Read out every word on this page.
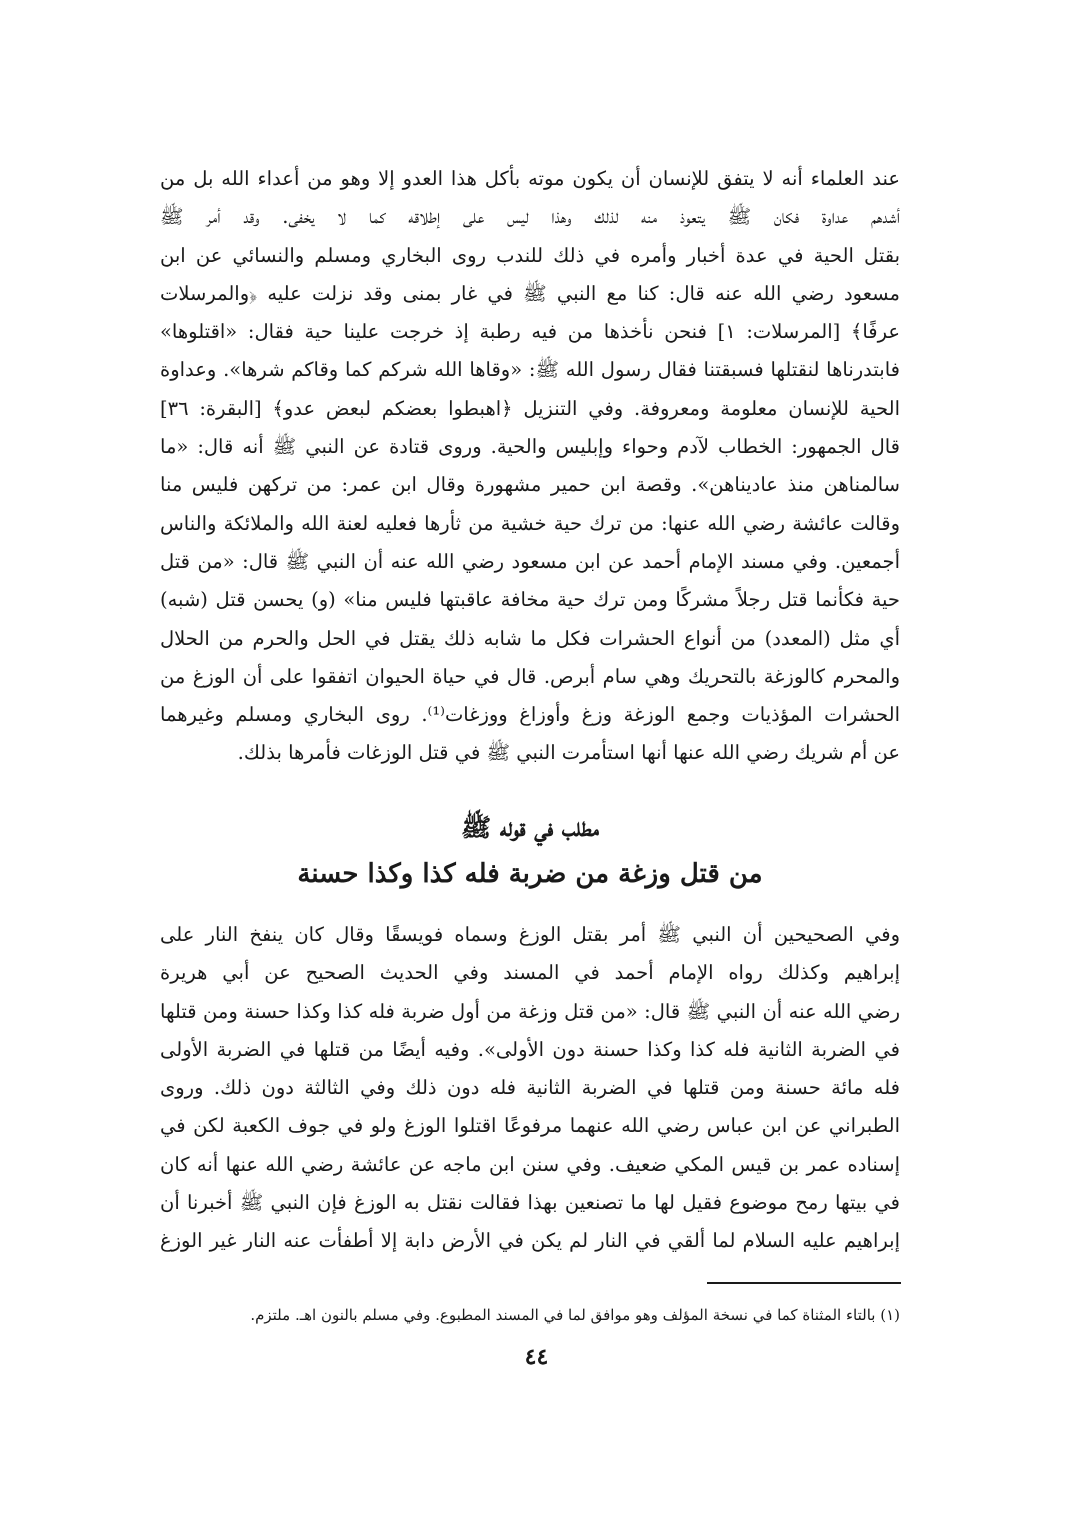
عند العلماء أنه لا يتفق للإنسان أن يكون موته بأكل هذا العدو إلا وهو من أعداء الله بل من
أشدهم عداوة فكان ﷺ يتعوذ منه لذلك وهذا ليس على إطلاقه كما لا يخفى. وقد أمر ﷺ
بقتل الحية في عدة أخبار وأمره في ذلك للندب روى البخاري ومسلم والنسائي عن ابن
مسعود رضي الله عنه قال: كنا مع النبي ﷺ في غار بمنى وقد نزلت عليه ﴿والمرسلات
عرفًا﴾ [المرسلات: ١] فنحن نأخذها من فيه رطبة إذ خرجت علينا حية فقال: «اقتلوها»
فابتدرناها لنقتلها فسبقتنا فقال رسول الله ﷺ: «وقاها الله شركم كما وقاكم شرها». وعداوة
الحية للإنسان معلومة ومعروفة. وفي التنزيل ﴿اهبطوا بعضكم لبعض عدو﴾ [البقرة: ٣٦]
قال الجمهور: الخطاب لآدم وحواء وإبليس والحية. وروى قتادة عن النبي ﷺ أنه قال: «ما
سالمناهن منذ عاديناهن». وقصة ابن حمير مشهورة وقال ابن عمر: من تركهن فليس منا
وقالت عائشة رضي الله عنها: من ترك حية خشية من ثأرها فعليه لعنة الله والملائكة والناس
أجمعين. وفي مسند الإمام أحمد عن ابن مسعود رضي الله عنه أن النبي ﷺ قال: «من قتل
حية فكأنما قتل رجلاً مشركًا ومن ترك حية مخافة عاقبتها فليس منا» (و) يحسن قتل (شبه)
أي مثل (المعدد) من أنواع الحشرات فكل ما شابه ذلك يقتل في الحل والحرم من الحلال
والمحرم كالوزغة بالتحريك وهي سام أبرص. قال في حياة الحيوان اتفقوا على أن الوزغ من
الحشرات المؤذيات وجمع الوزغة وزغ وأوزاغ ووزغات⁽¹⁾. روى البخاري ومسلم وغيرهما
عن أم شريك رضي الله عنها أنها استأمرت النبي ﷺ في قتل الوزغات فأمرها بذلك.
مطلب في قوله ﷺ
من قتل وزغة من ضربة فله كذا وكذا حسنة
وفي الصحيحين أن النبي ﷺ أمر بقتل الوزغ وسماه فويسقًا وقال كان ينفخ النار على
إبراهيم وكذلك رواه الإمام أحمد في المسند وفي الحديث الصحيح عن أبي هريرة
رضي الله عنه أن النبي ﷺ قال: «من قتل وزغة من أول ضربة فله كذا وكذا حسنة ومن قتلها
في الضربة الثانية فله كذا وكذا حسنة دون الأولى». وفيه أيضًا من قتلها في الضربة الأولى
فله مائة حسنة ومن قتلها في الضربة الثانية فله دون ذلك وفي الثالثة دون ذلك. وروى
الطبراني عن ابن عباس رضي الله عنهما مرفوعًا اقتلوا الوزغ ولو في جوف الكعبة لكن في
إسناده عمر بن قيس المكي ضعيف. وفي سنن ابن ماجه عن عائشة رضي الله عنها أنه كان
في بيتها رمح موضوع فقيل لها ما تصنعين بهذا فقالت نقتل به الوزغ فإن النبي ﷺ أخبرنا أن
إبراهيم عليه السلام لما ألقي في النار لم يكن في الأرض دابة إلا أطفأت عنه النار غير الوزغ
(١) بالتاء المثناة كما في نسخة المؤلف وهو موافق لما في المسند المطبوع. وفي مسلم بالنون اهـ. ملتزم.
٤٤
